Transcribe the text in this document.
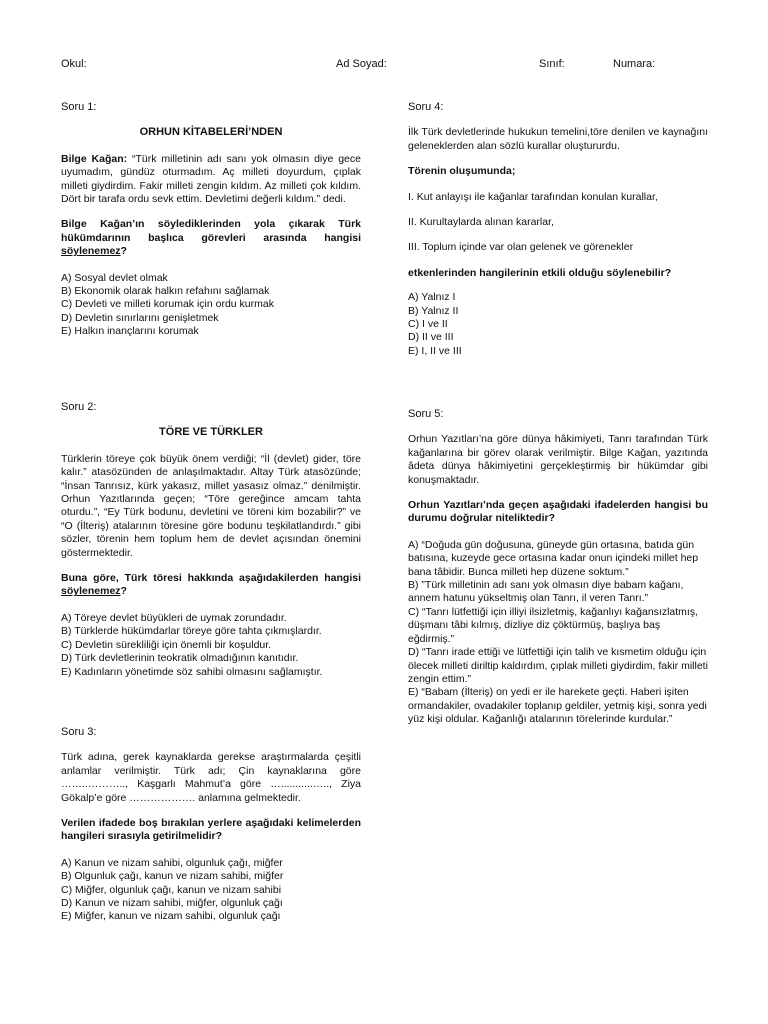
Okul:	Ad Soyad:	Sınıf:	Numara:

Soru 1:

ORHUN KİTABELERİ’NDEN

Bilge Kağan: “Türk milletinin adı sanı yok olmasın diye gece uyumadım, gündüz oturmadım. Aç milleti doyurdum, çıplak milleti giydirdim. Fakir milleti zengin kıldım. Az milleti çok kıldım. Dört bir tarafa ordu sevk ettim. Devletimi değerli kıldım.” dedi.

Bilge Kağan’ın söylediklerinden yola çıkarak Türk hükümdarının başlıca görevleri arasında hangisi söylenemez?

A) Sosyal devlet olmak
B) Ekonomik olarak halkın refahını sağlamak
C) Devleti ve milleti korumak için ordu kurmak
D) Devletin sınırlarını genişletmek
E) Halkın inançlarını korumak

Soru 2:

TÖRE VE TÜRKLER

Türklerin töreye çok büyük önem verdiği; “İl (devlet) gider, töre kalır.” atasözünden de anlaşılmaktadır. Altay Türk atasözünde; “İnsan Tanrısız, kürk yakasız, millet yasasız olmaz.” denilmiştir. Orhun Yazıtlarında geçen; “Töre gereğince amcam tahta oturdu.”, “Ey Türk bodunu, devletini ve töreni kim bozabilir?” ve “O (İlteriş) atalarının töresine göre bodunu teşkilatlandırdı.” gibi sözler, törenin hem toplum hem de devlet açısından önemini göstermektedir.

Buna göre, Türk töresi hakkında aşağıdakilerden hangisi söylenemez?

A) Töreye devlet büyükleri de uymak zorundadır.
B) Türklerde hükümdarlar töreye göre tahta çıkmışlardır.
C) Devletin sürekliliği için önemli bir koşuldur.
D) Türk devletlerinin teokratik olmadığının kanıtıdır.
E) Kadınların yönetimde söz sahibi olmasını sağlamıştır.

Soru 3:

Türk adına, gerek kaynaklarda gerekse araştırmalarda çeşitli anlamlar verilmiştir. Türk adı; Çin kaynaklarına göre ……..……….., Kaşgarlı Mahmut’a göre …...........….., Ziya Gökalp’e göre ………………. anlamına gelmektedir.

Verilen ifadede boş bırakılan yerlere aşağıdaki kelimelerden hangileri sırasıyla getirilmelidir?

A) Kanun ve nizam sahibi, olgunluk çağı, miğfer
B) Olgunluk çağı, kanun ve nizam sahibi, miğfer
C) Miğfer, olgunluk çağı, kanun ve nizam sahibi
D) Kanun ve nizam sahibi, miğfer, olgunluk çağı
E) Miğfer, kanun ve nizam sahibi, olgunluk çağı

Soru 4:

İlk Türk devletlerinde hukukun temelini,töre denilen ve kaynağını geleneklerden alan sözlü kurallar oluştururdu.

Törenin oluşumunda;

I. Kut anlayışı ile kağanlar tarafından konulan kurallar,

II. Kurultaylarda alınan kararlar,

III. Toplum içinde var olan gelenek ve görenekler

etkenlerinden hangilerinin etkili olduğu söylenebilir?

A) Yalnız I
B) Yalnız II
C) I ve II
D) II ve III
E) I, II ve III

Soru 5:

Orhun Yazıtları’na göre dünya hâkimiyeti, Tanrı tarafından Türk kağanlarına bir görev olarak verilmiştir. Bilge Kağan, yazıtında âdeta dünya hâkimiyetini gerçekleştirmiş bir hükümdar gibi konuşmaktadır.

Orhun Yazıtları’nda geçen aşağıdaki ifadelerden hangisi bu durumu doğrular niteliktedir?

A) “Doğuda gün doğusuna, güneyde gün ortasına, batıda gün batısına, kuzeyde gece ortasına kadar onun içindeki millet hep bana tâbidir. Bunca milleti hep düzene soktum.”
B) ”Türk milletinin adı sanı yok olmasın diye babam kağanı, annem hatunu yükseltmiş olan Tanrı, il veren Tanrı.”
C) “Tanrı lütfettiği için illiyi ilsizletmiş, kağanlıyı kağansızlatmış, düşmanı tâbi kılmış, dizliye diz çöktürmüş, başlıya baş eğdirmiş.”
D) “Tanrı irade ettiği ve lütfettiği için talih ve kısmetim olduğu için ölecek milleti diriltip kaldırdım, çıplak milleti giydirdim, fakir milleti zengin ettim.”
E) “Babam (İlteriş) on yedi er ile harekete geçti. Haberi işiten ormandakiler, ovadakiler toplanıp geldiler, yetmiş kişi, sonra yedi yüz kişi oldular. Kağanlığı atalarının törelerinde kurdular.”
